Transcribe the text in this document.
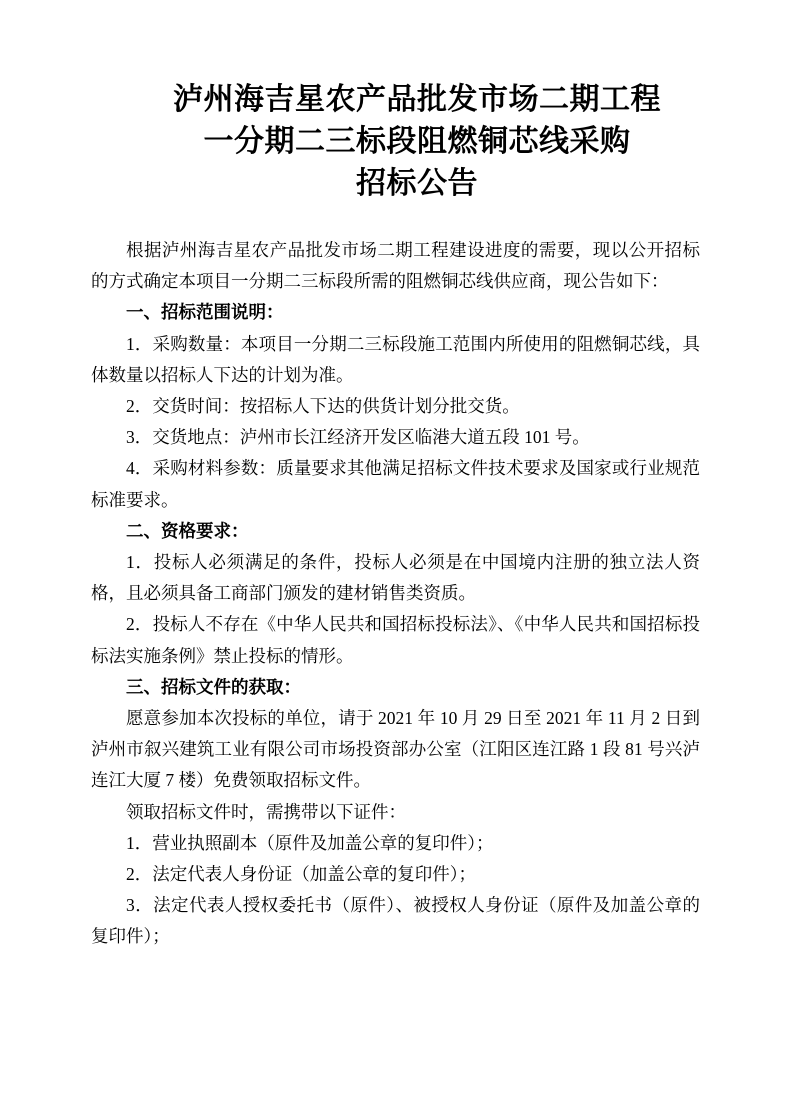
泸州海吉星农产品批发市场二期工程
一分期二三标段阻燃铜芯线采购
招标公告

根据泸州海吉星农产品批发市场二期工程建设进度的需要，现以公开招标的方式确定本项目一分期二三标段所需的阻燃铜芯线供应商，现公告如下：

一、招标范围说明：

1．采购数量：本项目一分期二三标段施工范围内所使用的阻燃铜芯线，具体数量以招标人下达的计划为准。

2．交货时间：按招标人下达的供货计划分批交货。

3．交货地点：泸州市长江经济开发区临港大道五段 101 号。

4．采购材料参数：质量要求其他满足招标文件技术要求及国家或行业规范标准要求。

二、资格要求：

1．投标人必须满足的条件，投标人必须是在中国境内注册的独立法人资格，且必须具备工商部门颁发的建材销售类资质。

2．投标人不存在《中华人民共和国招标投标法》、《中华人民共和国招标投标法实施条例》禁止投标的情形。

三、招标文件的获取：

愿意参加本次投标的单位，请于 2021 年 10 月 29 日至 2021 年 11 月 2 日到泸州市叙兴建筑工业有限公司市场投资部办公室（江阳区连江路 1 段 81 号兴泸连江大厦 7 楼）免费领取招标文件。

领取招标文件时，需携带以下证件：

1．营业执照副本（原件及加盖公章的复印件）；

2．法定代表人身份证（加盖公章的复印件）；

3．法定代表人授权委托书（原件）、被授权人身份证（原件及加盖公章的复印件）；
